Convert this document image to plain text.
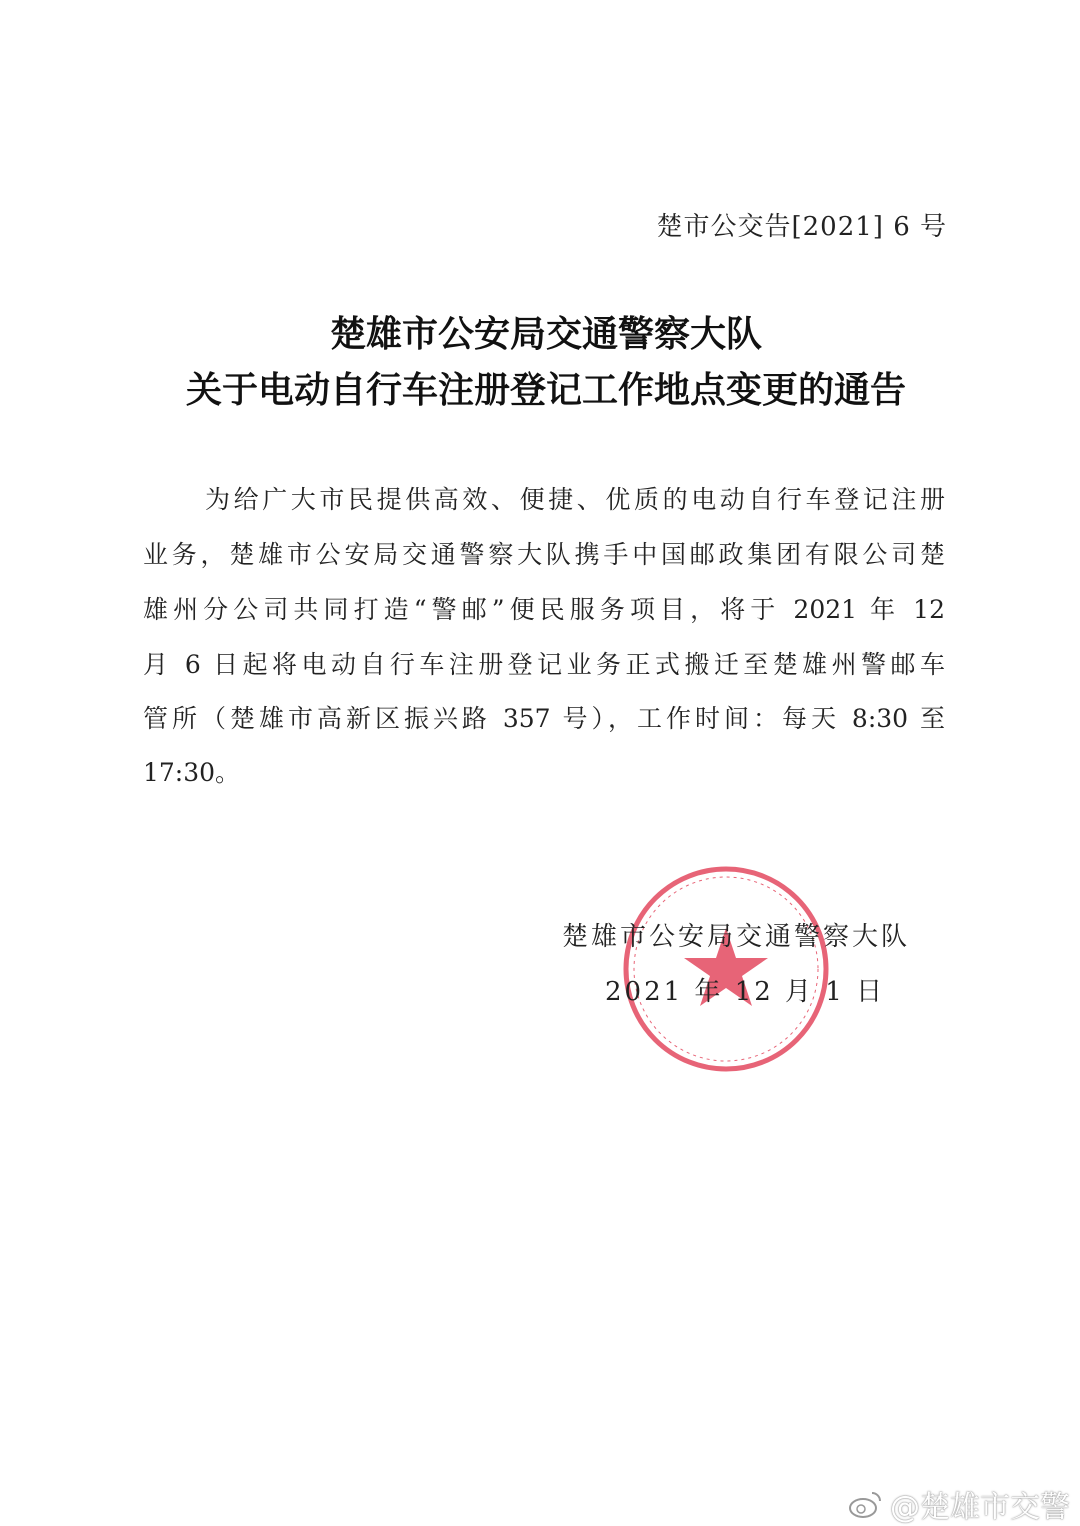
楚市公交告[2021] 6 号
楚雄市公安局交通警察大队
关于电动自行车注册登记工作地点变更的通告
为给广大市民提供高效、便捷、优质的电动自行车登记注册
业务，楚雄市公安局交通警察大队携手中国邮政集团有限公司楚
雄州分公司共同打造“警邮”便民服务项目，将于 2021 年 12
月 6 日起将电动自行车注册登记业务正式搬迁至楚雄州警邮车
管所（楚雄市高新区振兴路 357 号），工作时间：每天 8:30 至
17:30。
楚雄市公安局交通警察大队
2021 年 12 月 1 日
@楚雄市交警
